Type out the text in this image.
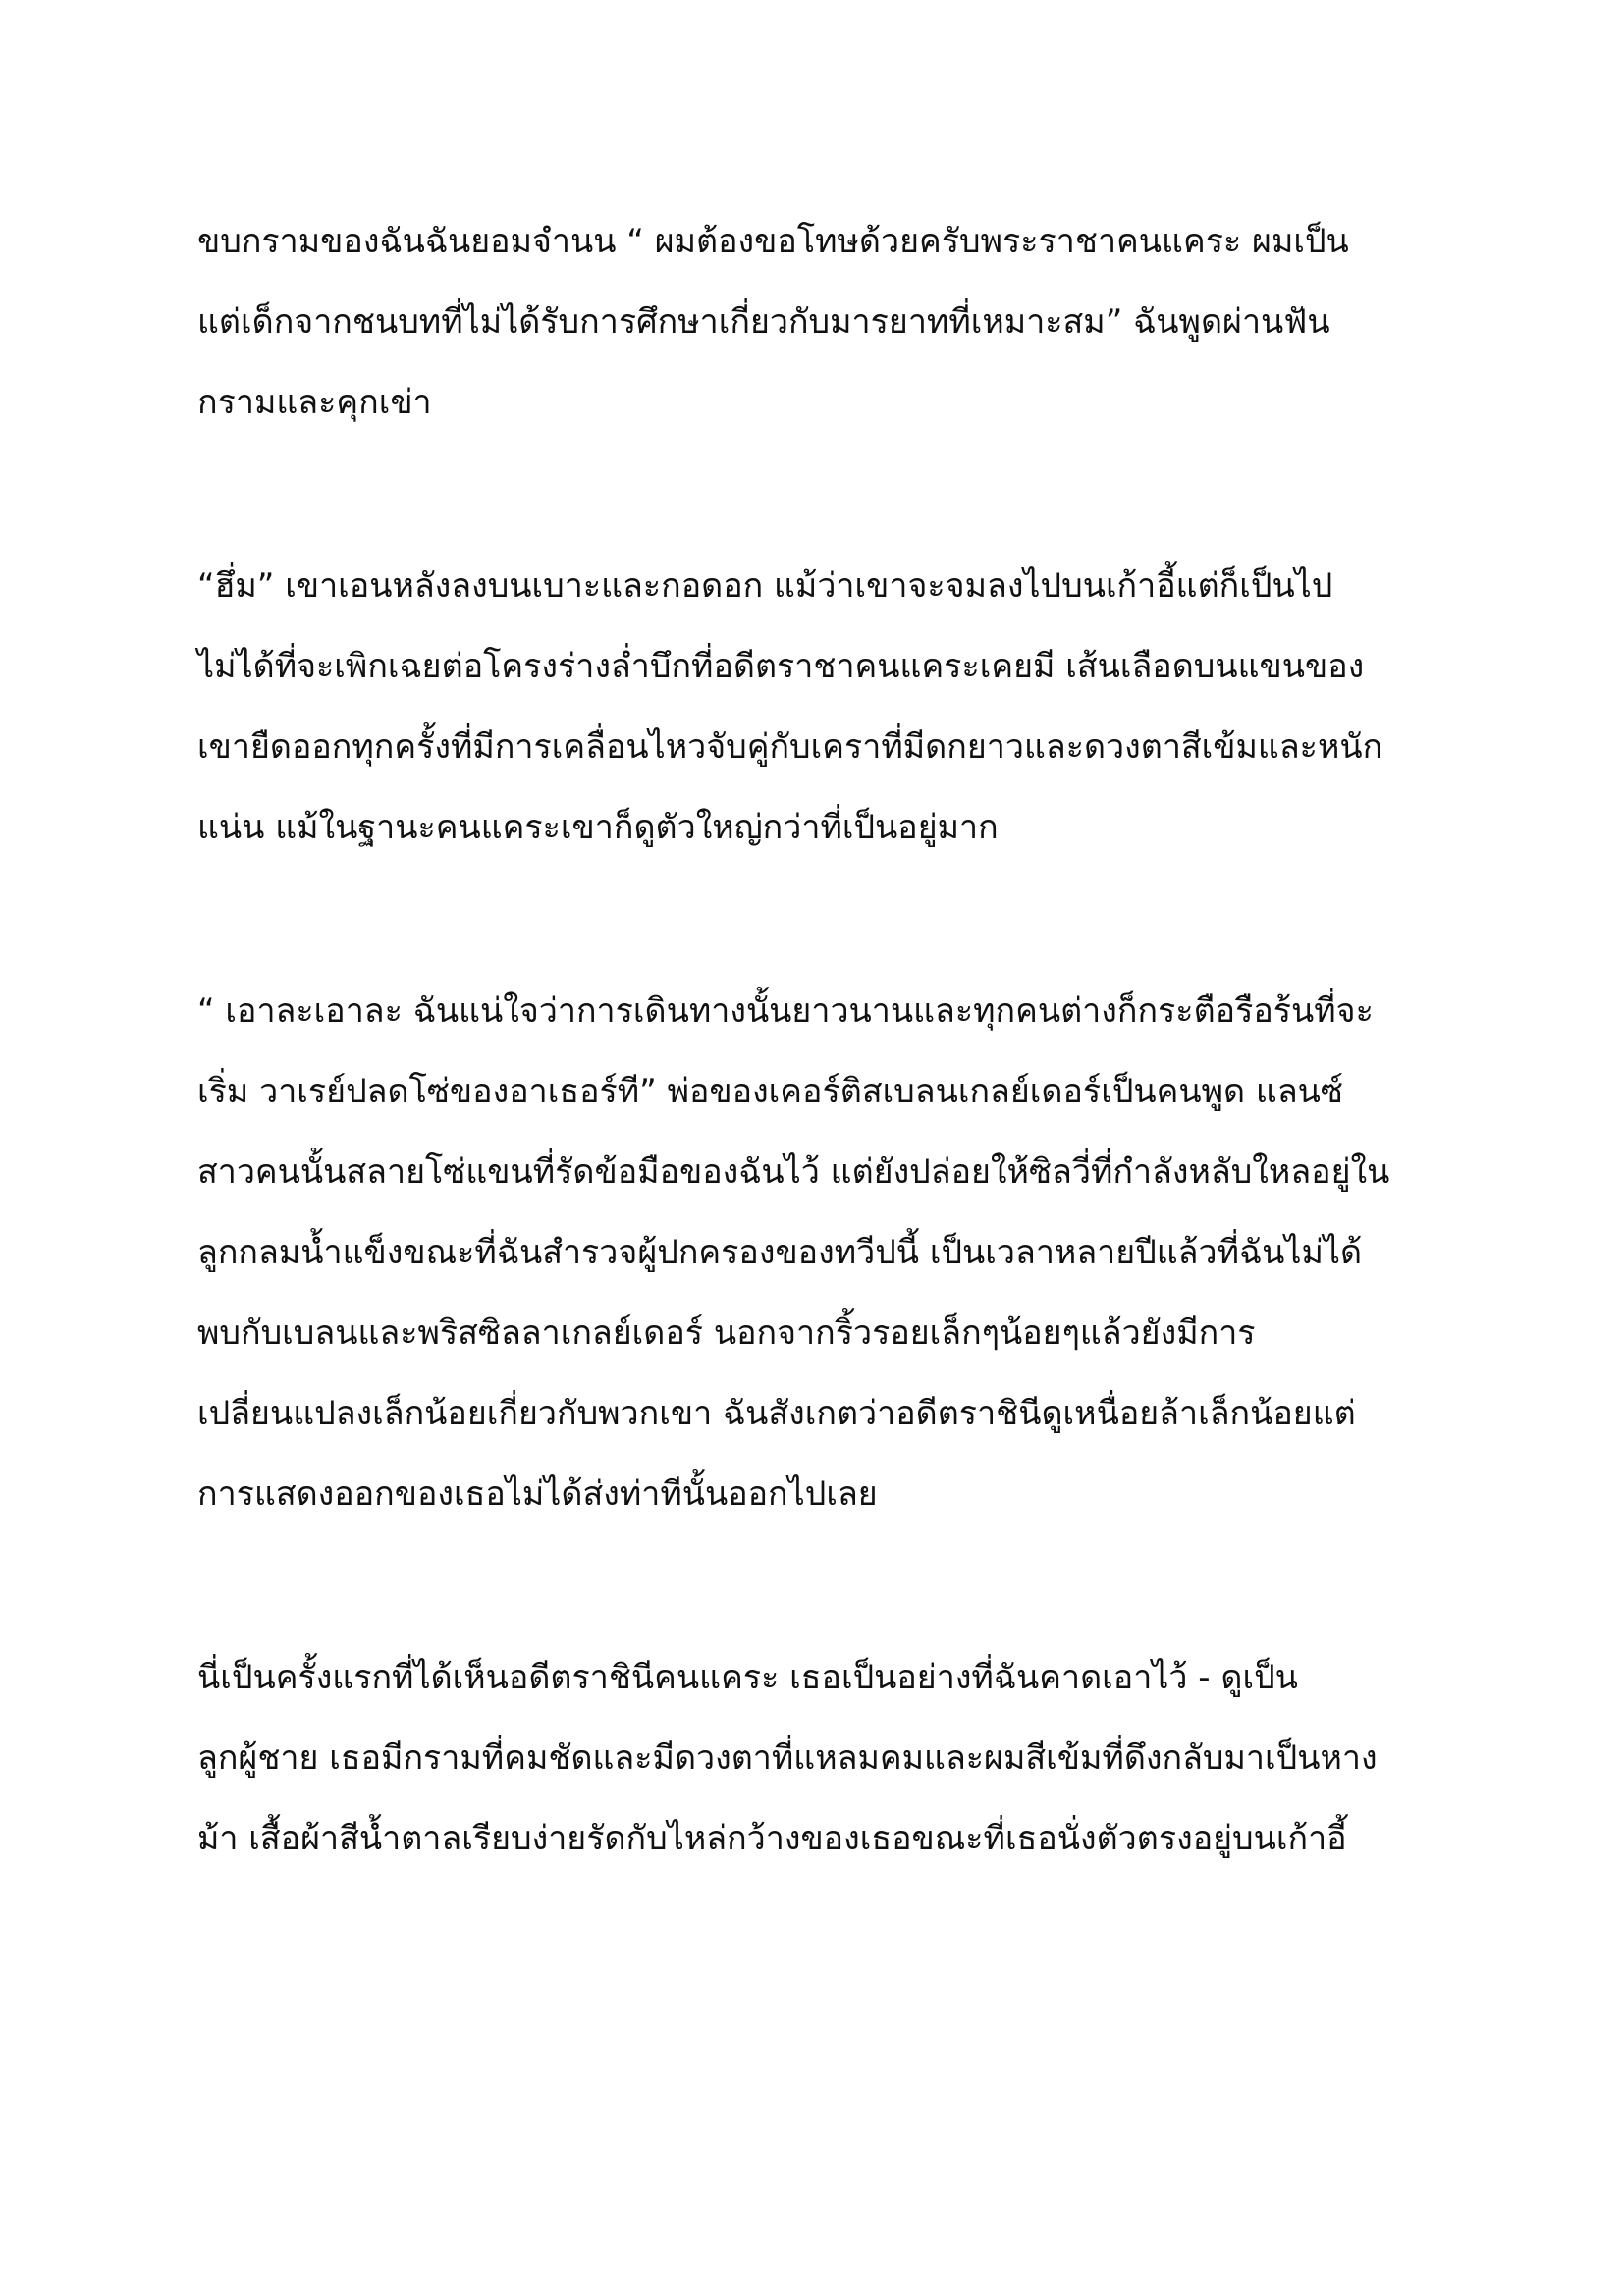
ขบกรามของฉันฉันยอมจำนน “ ผมต้องขอโทษด้วยครับพระราชาคนแคระ ผมเป็น
แต่เด็กจากชนบทที่ไม่ได้รับการศึกษาเกี่ยวกับมารยาทที่เหมาะสม” ฉันพูดผ่านฟัน
กรามและคุกเข่า
“ฮึ่ม” เขาเอนหลังลงบนเบาะและกอดอก แม้ว่าเขาจะจมลงไปบนเก้าอี้แต่ก็เป็นไป
ไม่ได้ที่จะเพิกเฉยต่อโครงร่างล่ำบึกที่อดีตราชาคนแคระเคยมี เส้นเลือดบนแขนของ
เขายืดออกทุกครั้งที่มีการเคลื่อนไหวจับคู่กับเคราที่มีดกยาวและดวงตาสีเข้มและหนัก
แน่น แม้ในฐานะคนแคระเขาก็ดูตัวใหญ่กว่าที่เป็นอยู่มาก
“ เอาละเอาละ ฉันแน่ใจว่าการเดินทางนั้นยาวนานและทุกคนต่างก็กระตือรือร้นที่จะ
เริ่ม วาเรย์ปลดโซ่ของอาเธอร์ที” พ่อของเคอร์ติสเบลนเกลย์เดอร์เป็นคนพูด แลนซ์
สาวคนนั้นสลายโซ่แขนที่รัดข้อมือของฉันไว้ แต่ยังปล่อยให้ซิลวี่ที่กำลังหลับใหลอยู่ใน
ลูกกลมน้ำแข็งขณะที่ฉันสำรวจผู้ปกครองของทวีปนี้ เป็นเวลาหลายปีแล้วที่ฉันไม่ได้
พบกับเบลนและพริสซิลลาเกลย์เดอร์ นอกจากริ้วรอยเล็กๆน้อยๆแล้วยังมีการ
เปลี่ยนแปลงเล็กน้อยเกี่ยวกับพวกเขา ฉันสังเกตว่าอดีตราชินีดูเหนื่อยล้าเล็กน้อยแต่
การแสดงออกของเธอไม่ได้ส่งท่าทีนั้นออกไปเลย
นี่เป็นครั้งแรกที่ได้เห็นอดีตราชินีคนแคระ เธอเป็นอย่างที่ฉันคาดเอาไว้ - ดูเป็น
ลูกผู้ชาย เธอมีกรามที่คมชัดและมีดวงตาที่แหลมคมและผมสีเข้มที่ดึงกลับมาเป็นหาง
ม้า เสื้อผ้าสีน้ำตาลเรียบง่ายรัดกับไหล่กว้างของเธอขณะที่เธอนั่งตัวตรงอยู่บนเก้าอี้
